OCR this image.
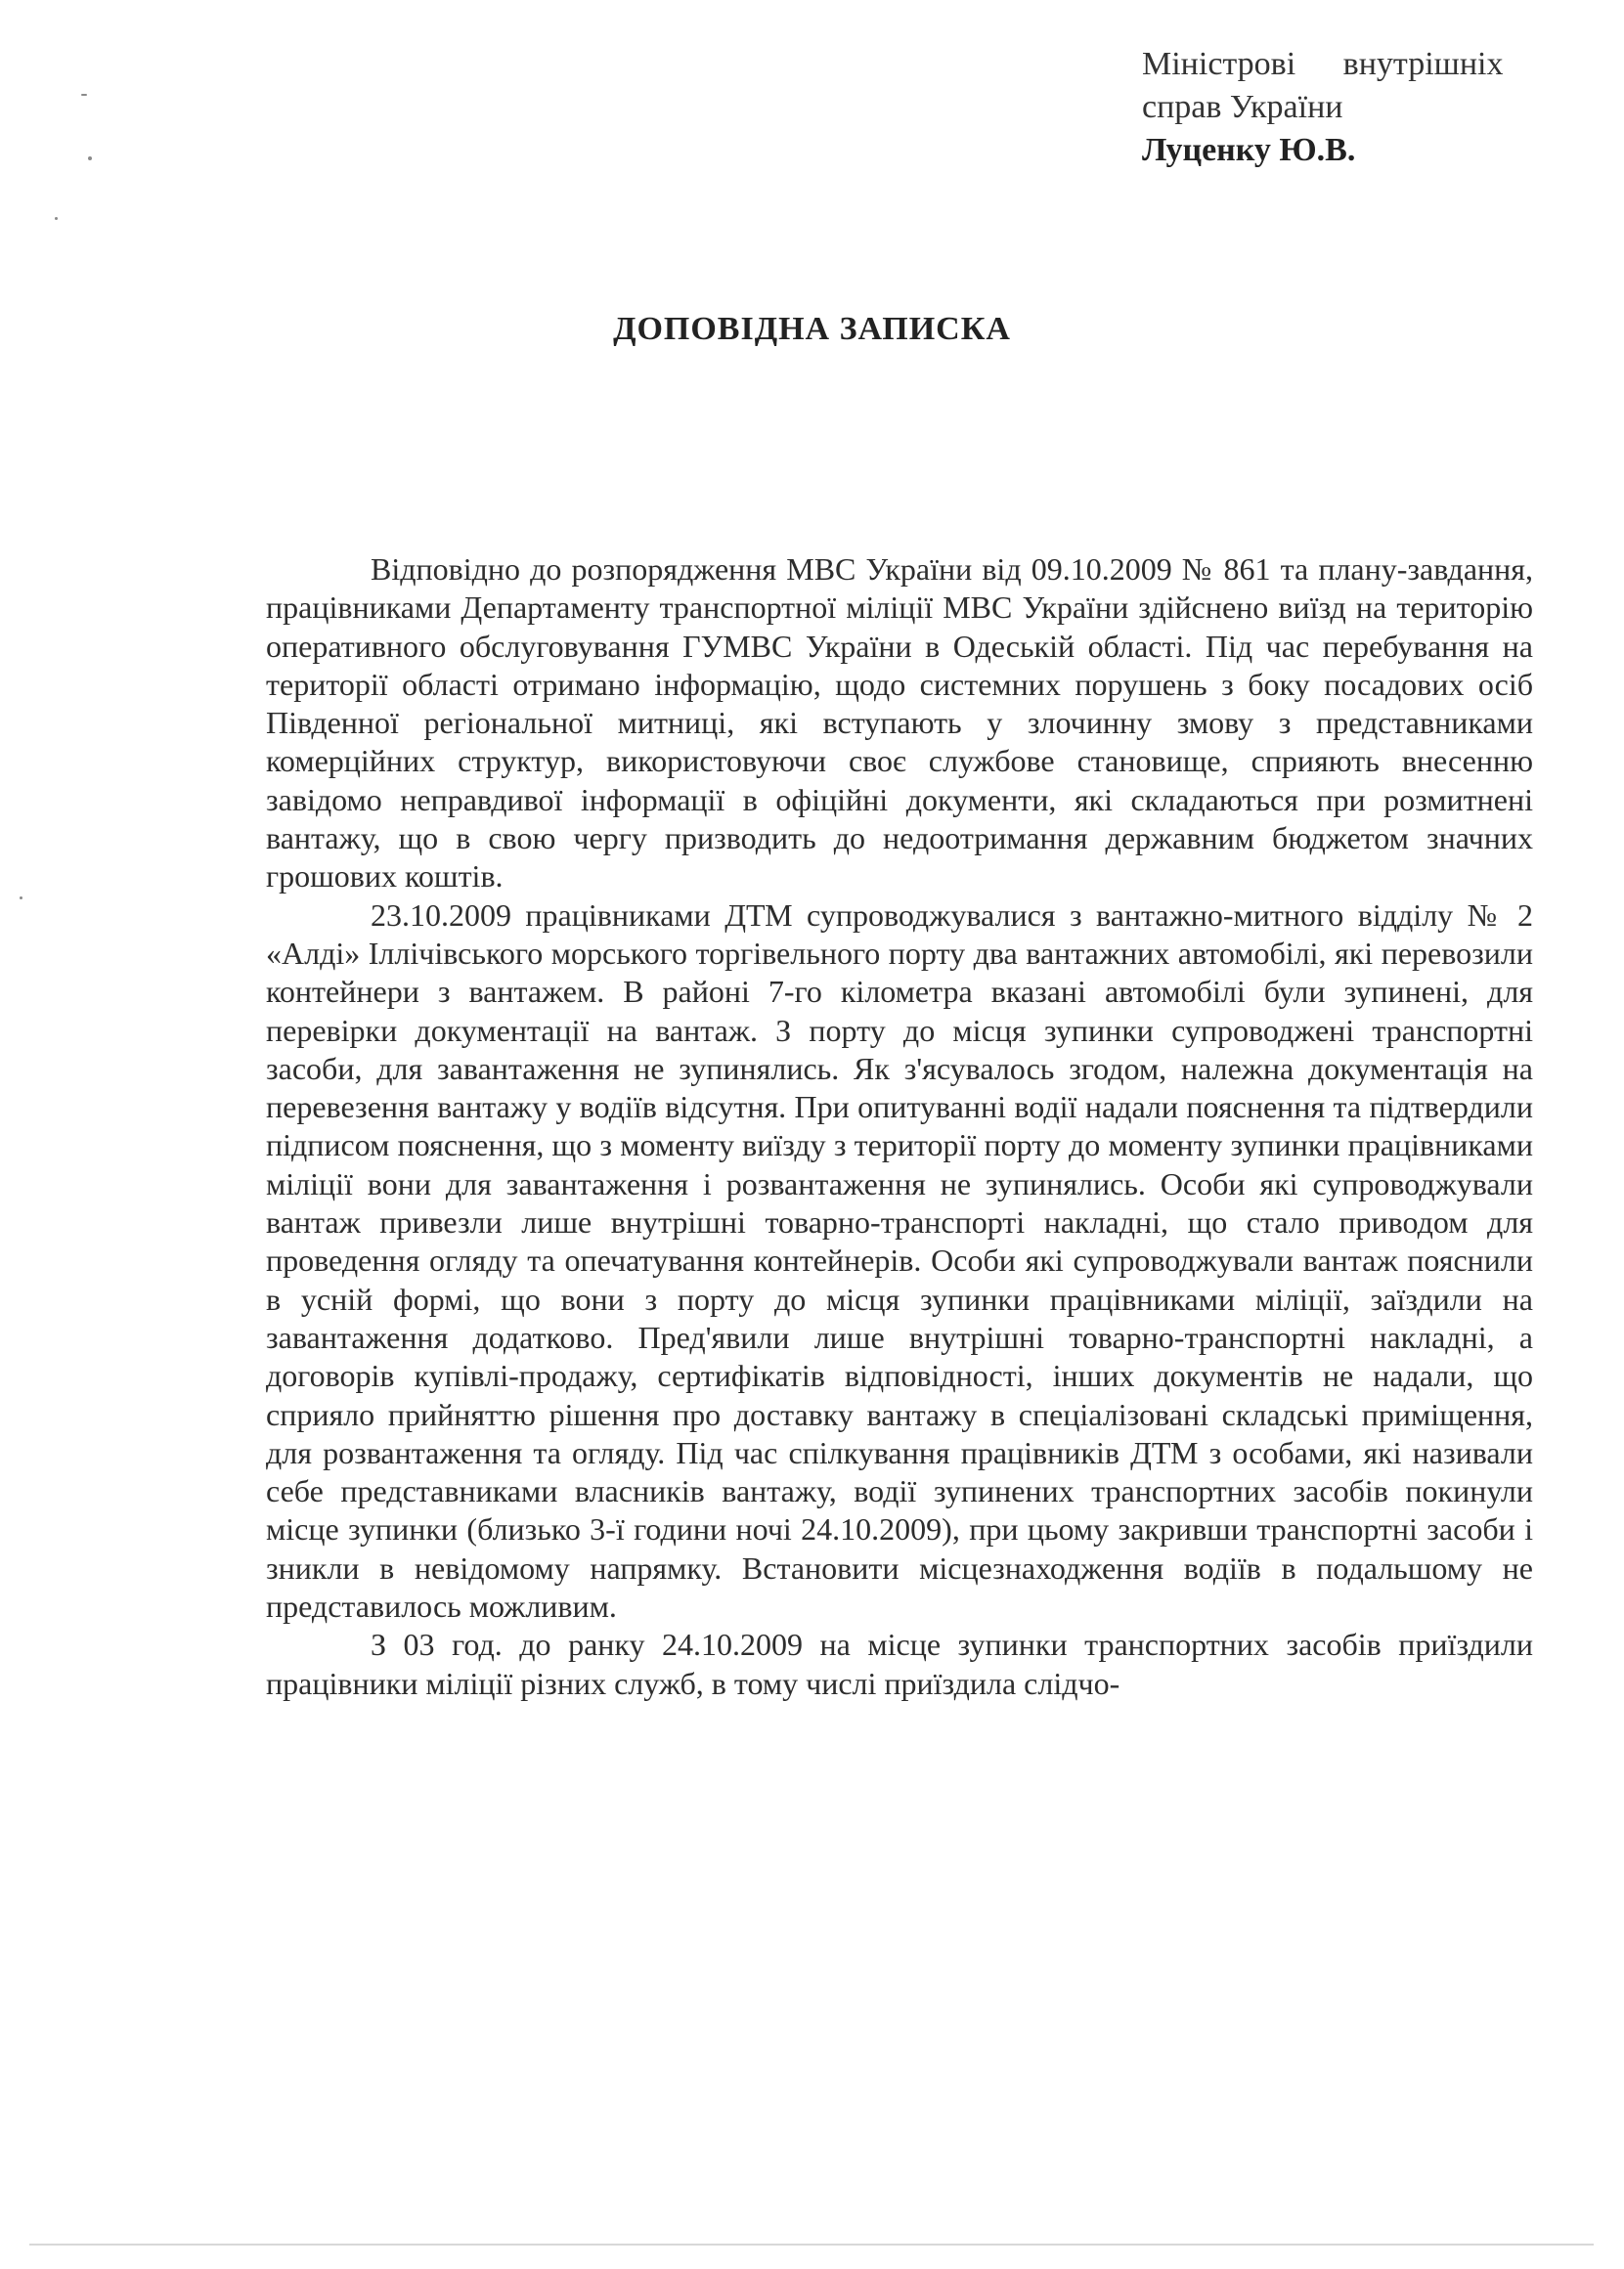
Міністрові внутрішніх
справ України
Луценку Ю.В.
ДОПОВІДНА ЗАПИСКА

Відповідно до розпорядження МВС України від 09.10.2009 № 861 та плану-завдання, працівниками Департаменту транспортної міліції МВС України здійснено виїзд на територію оперативного обслуговування ГУМВС України в Одеській області. Під час перебування на території області отримано інформацію, щодо системних порушень з боку посадових осіб Південної регіональної митниці, які вступають у злочинну змову з представниками комерційних структур, використовуючи своє службове становище, сприяють внесенню завідомо неправдивої інформації в офіційні документи, які складаються при розмитнені вантажу, що в свою чергу призводить до недоотримання державним бюджетом значних грошових коштів.

23.10.2009 працівниками ДТМ супроводжувалися з вантажно-митного відділу № 2 «Алді» Іллічівського морського торгівельного порту два вантажних автомобілі, які перевозили контейнери з вантажем. В районі 7-го кілометра вказані автомобілі були зупинені, для перевірки документації на вантаж. З порту до місця зупинки супроводжені транспортні засоби, для завантаження не зупинялись. Як з'ясувалось згодом, належна документація на перевезення вантажу у водіїв відсутня. При опитуванні водії надали пояснення та підтвердили підписом пояснення, що з моменту виїзду з території порту до моменту зупинки працівниками міліції вони для завантаження і розвантаження не зупинялись. Особи які супроводжували вантаж привезли лише внутрішні товарно-транспорті накладні, що стало приводом для проведення огляду та опечатування контейнерів. Особи які супроводжували вантаж пояснили в усній формі, що вони з порту до місця зупинки працівниками міліції, заїздили на завантаження додатково. Пред'явили лише внутрішні товарно-транспортні накладні, а договорів купівлі-продажу, сертифікатів відповідності, інших документів не надали, що сприяло прийняттю рішення про доставку вантажу в спеціалізовані складські приміщення, для розвантаження та огляду. Під час спілкування працівників ДТМ з особами, які називали себе представниками власників вантажу, водії зупинених транспортних засобів покинули місце зупинки (близько 3-ї години ночі 24.10.2009), при цьому закривши транспортні засоби і зникли в невідомому напрямку. Встановити місцезнаходження водіїв в подальшому не представилось можливим.

З 03 год. до ранку 24.10.2009 на місце зупинки транспортних засобів приїздили працівники міліції різних служб, в тому числі приїздила слідчо-
